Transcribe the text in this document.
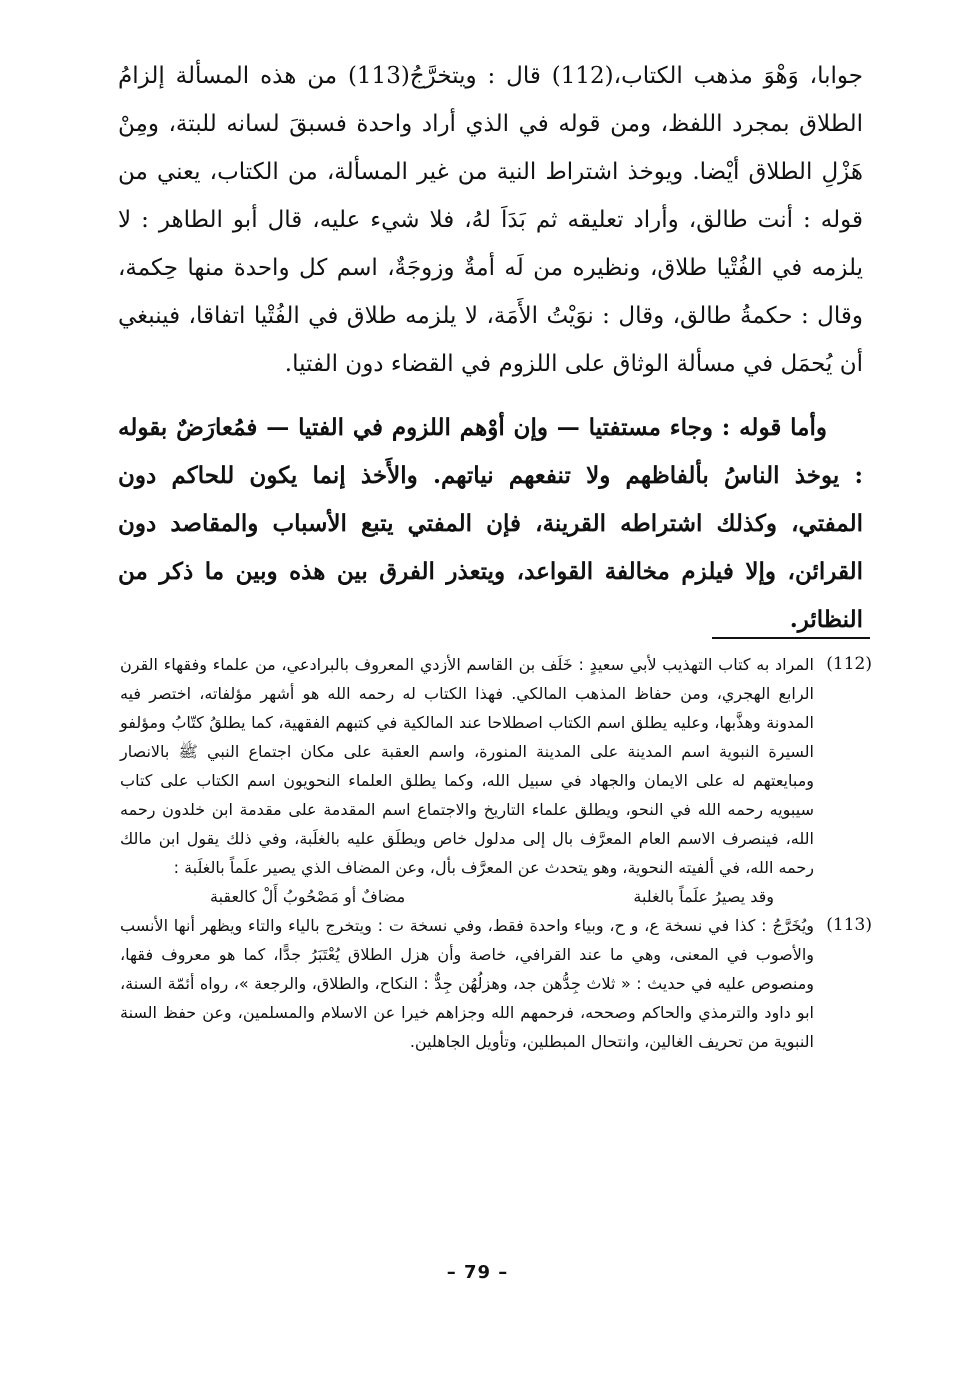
جوابا، وَهْوَ مذهب الكتاب،(112) قال : ويتخرَّجُ(113) من هذه المسألة إلزامُ الطلاق بمجرد اللفظ، ومن قوله في الذي أراد واحدة فسبقَ لسانه للبتة، ومِنْ هَزْلِ الطلاق أيْضا. ويوخذ اشتراط النية من غير المسألة، من الكتاب، يعني من قوله : أنت طالق، وأراد تعليقه ثم بَدَاَ لهُ، فلا شيء عليه، قال أبو الطاهر : لا يلزمه في الفُتْيا طلاق، ونظيره من لَه أمةٌ وزوجَةٌ، اسم كل واحدة منها حِكمة، وقال : حكمةُ طالق، وقال : نوَيْتُ الأَمَة، لا يلزمه طلاق في الفُتْيا اتفاقا، فينبغي أن يُحمَل في مسألة الوثاق على اللزوم في القضاء دون الفتيا.

وأما قوله : وجاء مستفتيا — وإن أوْهم اللزوم في الفتيا — فمُعارَضٌ بقوله : يوخذ الناسُ بألفاظهم ولا تنفعهم نياتهم. والأَخذ إنما يكون للحاكم دون المفتي، وكذلك اشتراطه القرينة، فإن المفتي يتبع الأسباب والمقاصد دون القرائن، وإلا فيلزم مخالفة القواعد، ويتعذر الفرق بين هذه وبين ما ذكر من النظائر.

(112)
المراد به كتاب التهذيب لأبي سعيدٍ : خَلَف بن القاسم الأزدي المعروف بالبرادعي، من علماء وفقهاء القرن الرابع الهجري، ومن حفاظ المذهب المالكي. فهذا الكتاب له رحمه الله هو أشهر مؤلفاته، اختصر فيه المدونة وهذَّبها، وعليه يطلق اسم الكتاب اصطلاحا عند المالكية في كتبهم الفقهية، كما يطلقُ كتّابُ ومؤلفو السيرة النبوية اسم المدينة على المدينة المنورة، واسم العقبة على مكان اجتماع النبي ﷺ بالانصار ومبايعتهم له على الايمان والجهاد في سبيل الله، وكما يطلق العلماء النحويون اسم الكتاب على كتاب سيبويه رحمه الله في النحو، ويطلق علماء التاريخ والاجتماع اسم المقدمة على مقدمة ابن خلدون رحمه الله، فينصرف الاسم العام المعرَّف بال إلى مدلول خاص ويطلَق عليه بالغلَبة، وفي ذلك يقول ابن مالك رحمه الله، في ألفيته النحوية، وهو يتحدث عن المعرَّف بأل، وعن المضاف الذي يصير علَماً بالغلَبة :
وقد يصيرُ علَماً بالغلبة
مضافٌ أو مَصْحُوبُ أَلْ كالعقبة
(113)
ويُخَرَّجُ : كذا في نسخة ع، و ح، وبياء واحدة فقط، وفي نسخة ت : ويتخرج بالياء والتاء ويظهر أنها الأنسب والأصوب في المعنى، وهي ما عند القرافي، خاصة وأن هزل الطلاق يُعْتَبَرُ جدًّا، كما هو معروف فقها، ومنصوص عليه في حديث : « ثلاث جِدُّهن جد، وهزلُهُن جِدٌّ : النكاح، والطلاق، والرجعة »، رواه أئمّة السنة، ابو داود والترمذي والحاكم وصححه، فرحمهم الله وجزاهم خيرا عن الاسلام والمسلمين، وعن حفظ السنة النبوية من تحريف الغالين، وانتحال المبطلين، وتأويل الجاهلين.
– 79 –
